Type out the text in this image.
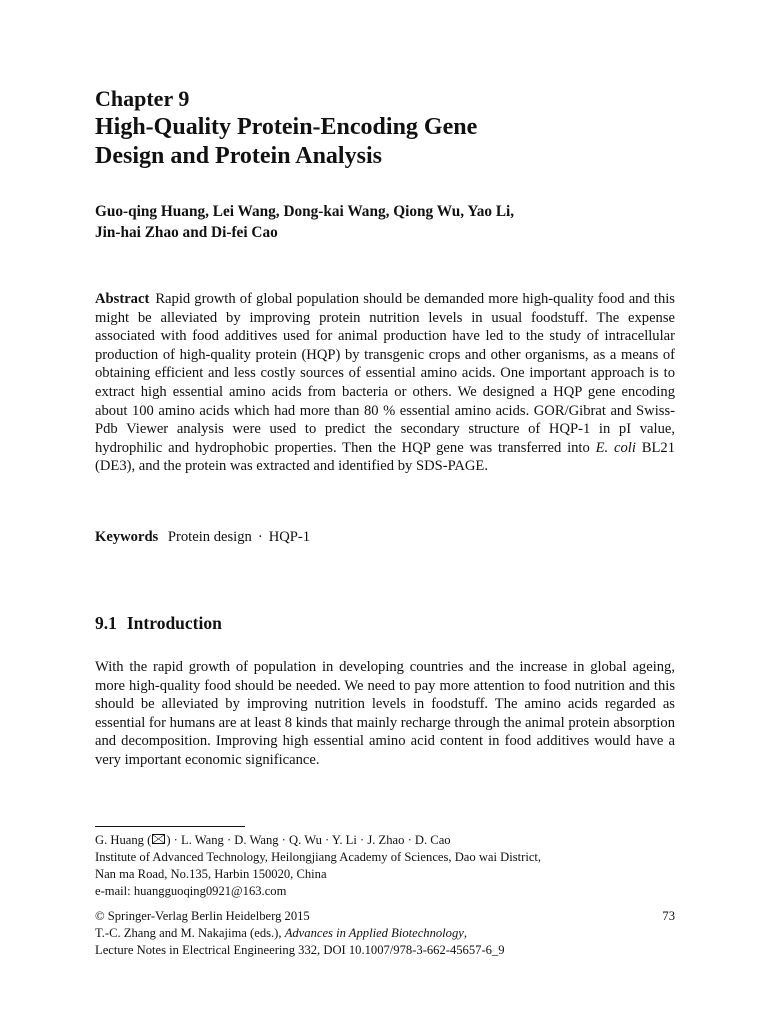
Chapter 9
High-Quality Protein-Encoding Gene
Design and Protein Analysis
Guo-qing Huang, Lei Wang, Dong-kai Wang, Qiong Wu, Yao Li,
Jin-hai Zhao and Di-fei Cao
Abstract Rapid growth of global population should be demanded more high-quality food and this might be alleviated by improving protein nutrition levels in usual foodstuff. The expense associated with food additives used for animal production have led to the study of intracellular production of high-quality protein (HQP) by transgenic crops and other organisms, as a means of obtaining efficient and less costly sources of essential amino acids. One important approach is to extract high essential amino acids from bacteria or others. We designed a HQP gene encoding about 100 amino acids which had more than 80 % essential amino acids. GOR/Gibrat and Swiss-Pdb Viewer analysis were used to predict the secondary structure of HQP-1 in pI value, hydrophilic and hydrophobic properties. Then the HQP gene was transferred into E. coli BL21 (DE3), and the protein was extracted and identified by SDS-PAGE.
Keywords Protein design · HQP-1
9.1 Introduction

With the rapid growth of population in developing countries and the increase in global ageing, more high-quality food should be needed. We need to pay more attention to food nutrition and this should be alleviated by improving nutrition levels in foodstuff. The amino acids regarded as essential for humans are at least 8 kinds that mainly recharge through the animal protein absorption and decomposition. Improving high essential amino acid content in food additives would have a very important economic significance.

G. Huang ( ) · L. Wang · D. Wang · Q. Wu · Y. Li · J. Zhao · D. Cao
Institute of Advanced Technology, Heilongjiang Academy of Sciences, Dao wai District,
Nan ma Road, No.135, Harbin 150020, China
e-mail: huangguoqing0921@163.com
© Springer-Verlag Berlin Heidelberg 2015
T.-C. Zhang and M. Nakajima (eds.), Advances in Applied Biotechnology,
Lecture Notes in Electrical Engineering 332, DOI 10.1007/978-3-662-45657-6_9
73
